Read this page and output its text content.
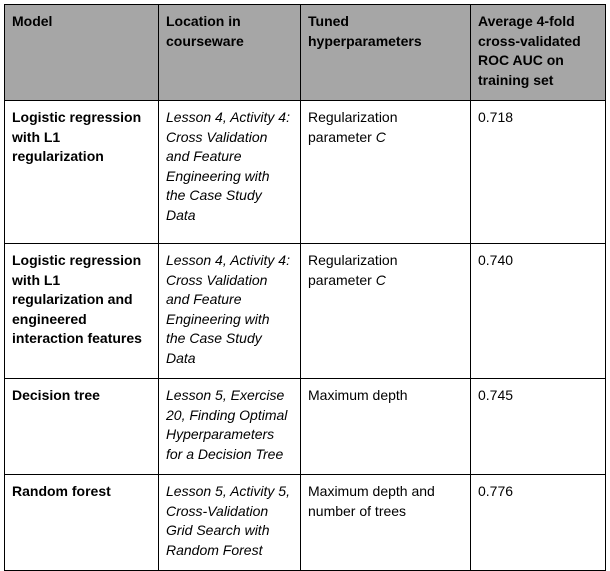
Model	Location in courseware	Tuned hyperparameters	Average 4-fold cross-validated ROC AUC on training set
Logistic regression with L1 regularization	Lesson 4, Activity 4: Cross Validation and Feature Engineering with the Case Study Data	Regularization parameter C	0.718
Logistic regression with L1 regularization and engineered interaction features	Lesson 4, Activity 4: Cross Validation and Feature Engineering with the Case Study Data	Regularization parameter C	0.740
Decision tree	Lesson 5, Exercise 20, Finding Optimal Hyperparameters for a Decision Tree	Maximum depth	0.745
Random forest	Lesson 5, Activity 5, Cross-Validation Grid Search with Random Forest	Maximum depth and number of trees	0.776
